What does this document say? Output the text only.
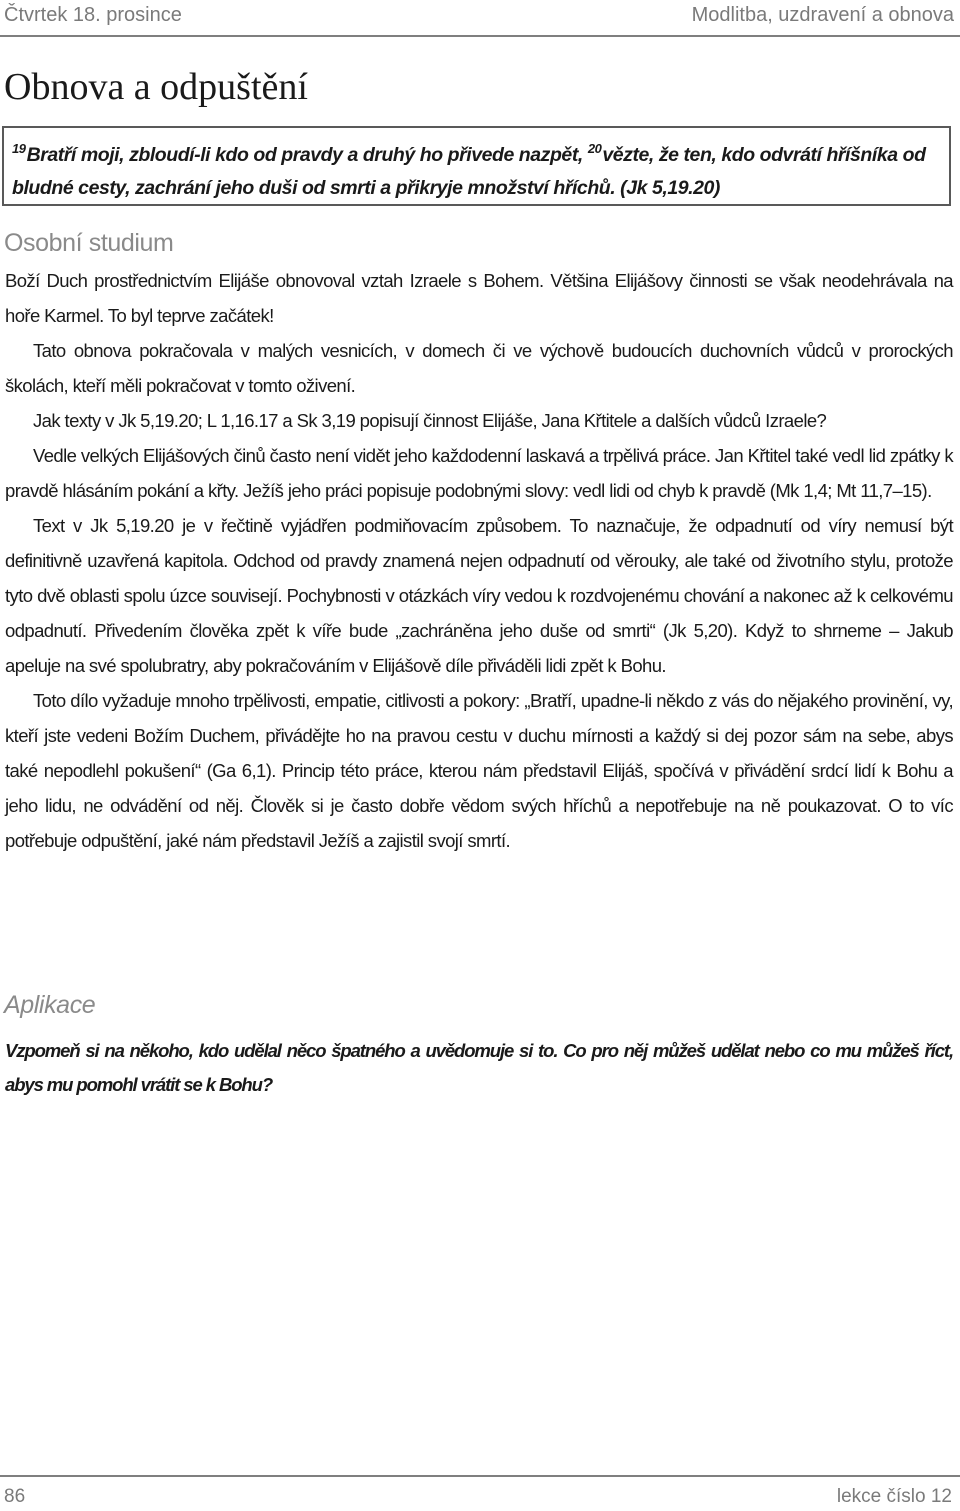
Čtvrtek 18. prosince	Modlitba, uzdravení a obnova
Obnova a odpuštění
$^{19}$Bratří moji, zbloudí-li kdo od pravdy a druhý ho přivede nazpět, $^{20}$vězte, že ten, kdo odvrátí hříšníka od bludné cesty, zachrání jeho duši od smrti a přikryje množství hříchů. (Jk 5,19.20)
Osobní studium

Boží Duch prostřednictvím Elijáše obnovoval vztah Izraele s Bohem. Většina Elijášovy činnosti se však neodehrávala na hoře Karmel. To byl teprve začátek!

Tato obnova pokračovala v malých vesnicích, v domech či ve výchově budoucích duchovních vůdců v prorockých školách, kteří měli pokračovat v tomto oživení.

Jak texty v Jk 5,19.20; L 1,16.17 a Sk 3,19 popisují činnost Elijáše, Jana Křtitele a dalších vůdců Izraele?

Vedle velkých Elijášových činů často není vidět jeho každodenní laskavá a trpělivá práce. Jan Křtitel také vedl lid zpátky k pravdě hlásáním pokání a křty. Ježíš jeho práci popisuje podobnými slovy: vedl lidi od chyb k pravdě (Mk 1,4; Mt 11,7–15).

Text v Jk 5,19.20 je v řečtině vyjádřen podmiňovacím způsobem. To naznačuje, že odpadnutí od víry nemusí být definitivně uzavřená kapitola. Odchod od pravdy znamená nejen odpadnutí od věrouky, ale také od životního stylu, protože tyto dvě oblasti spolu úzce souvisejí. Pochybnosti v otázkách víry vedou k rozdvojenému chování a nakonec až k celkovému odpadnutí. Přivedením člověka zpět k víře bude „zachráněna jeho duše od smrti“ (Jk 5,20). Když to shrneme – Jakub apeluje na své spolubratry, aby pokračováním v Elijášově díle přiváděli lidi zpět k Bohu.

Toto dílo vyžaduje mnoho trpělivosti, empatie, citlivosti a pokory: „Bratří, upadne-li někdo z vás do nějakého provinění, vy, kteří jste vedeni Božím Duchem, přivádějte ho na pravou cestu v duchu mírnosti a každý si dej pozor sám na sebe, abys také nepodlehl pokušení“ (Ga 6,1). Princip této práce, kterou nám představil Elijáš, spočívá v přivádění srdcí lidí k Bohu a jeho lidu, ne odvádění od něj. Člověk si je často dobře vědom svých hříchů a nepotřebuje na ně poukazovat. O to víc potřebuje odpuštění, jaké nám představil Ježíš a zajistil svojí smrtí.

Aplikace

Vzpomeň si na někoho, kdo udělal něco špatného a uvědomuje si to. Co pro něj můžeš udělat nebo co mu můžeš říct, abys mu pomohl vrátit se k Bohu?

86	lekce číslo 12
